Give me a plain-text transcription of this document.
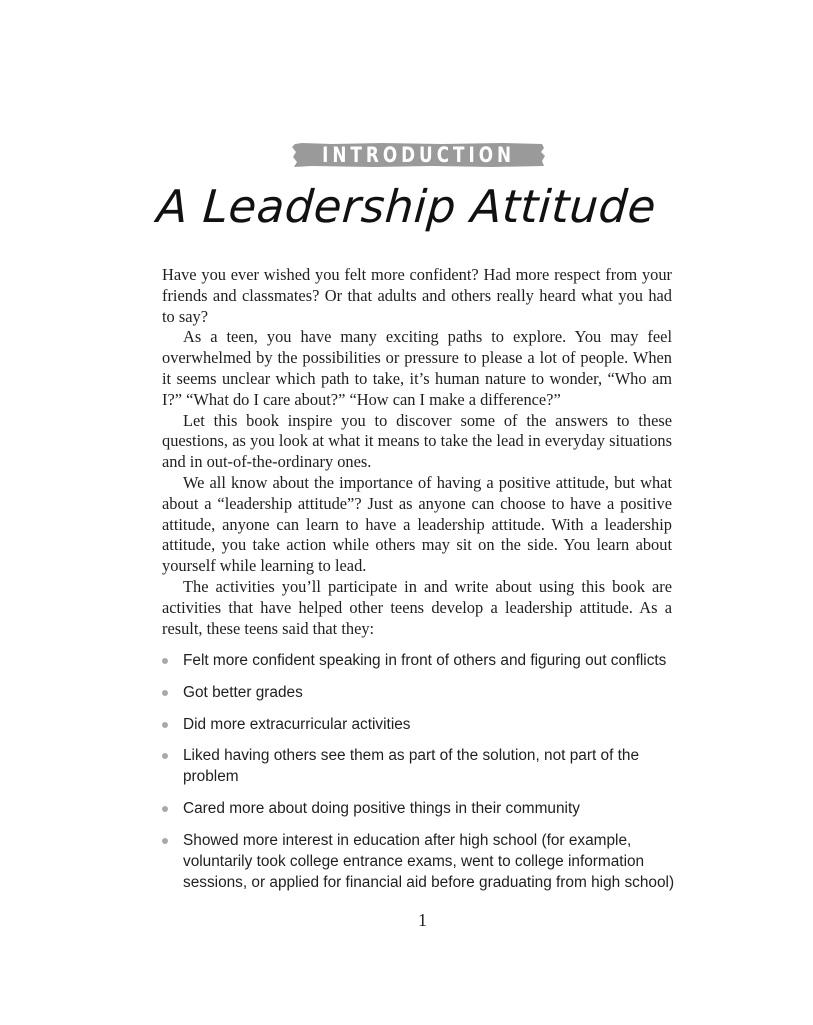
INTRODUCTION
A Leadership Attitude

Have you ever wished you felt more confident? Had more respect from your friends and classmates? Or that adults and others really heard what you had to say?

As a teen, you have many exciting paths to explore. You may feel overwhelmed by the possibilities or pressure to please a lot of people. When it seems unclear which path to take, it’s human nature to wonder, “Who am I?” “What do I care about?” “How can I make a difference?”

Let this book inspire you to discover some of the answers to these questions, as you look at what it means to take the lead in everyday situations and in out-of-the-ordinary ones.

We all know about the importance of having a positive attitude, but what about a “leadership attitude”? Just as anyone can choose to have a positive attitude, anyone can learn to have a leadership attitude. With a leadership attitude, you take action while others may sit on the side. You learn about yourself while learning to lead.

The activities you’ll participate in and write about using this book are activities that have helped other teens develop a leadership attitude. As a result, these teens said that they:

Felt more confident speaking in front of others and figuring out conflicts
Got better grades
Did more extracurricular activities
Liked having others see them as part of the solution, not part of the problem
Cared more about doing positive things in their community
Showed more interest in education after high school (for example, voluntarily took college entrance exams, went to college information sessions, or applied for financial aid before graduating from high school)
1
